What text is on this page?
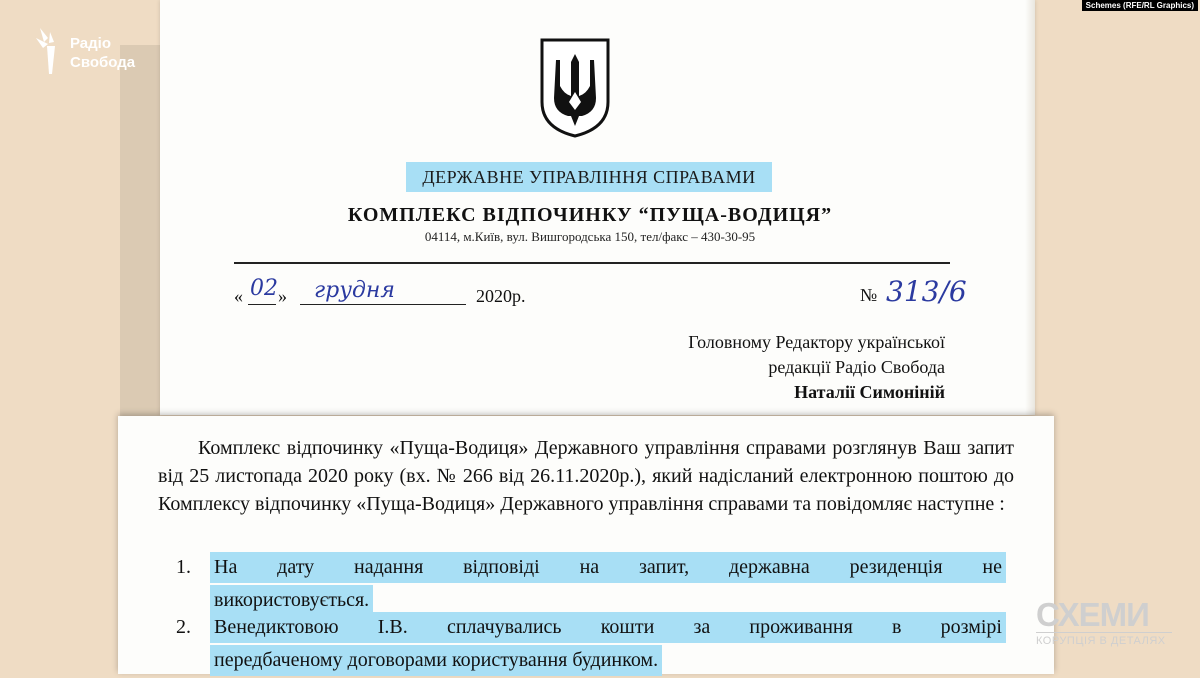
Радіо
Свобода
Schemes (RFE/RL Graphics)
ДЕРЖАВНЕ УПРАВЛІННЯ СПРАВАМИ
КОМПЛЕКС ВІДПОЧИНКУ “ПУЩА-ВОДИЦЯ”
04114, м.Київ, вул. Вишгородська 150, тел/факс – 430-30-95
« 02 » грудня	2020р.	№ 313/6
Головному Редактору української
редакції Радіо Свобода
Наталії Симоніній

Комплекс відпочинку «Пуща-Водиця» Державного управління справами розглянув Ваш запит від 25 листопада 2020 року (вх. № 266 від 26.11.2020р.), який надісланий електронною поштою до Комплексу відпочинку «Пуща-Водиця» Державного управління справами та повідомляє наступне :

1.	На дату надання відповіді на запит, державна резиденція не
використовується.
2.	Венедиктовою І.В. сплачувались кошти за проживання в розмірі
передбаченому договорами користування будинком.
СХЕМИ
КОРУПЦІЯ В ДЕТАЛЯХ
